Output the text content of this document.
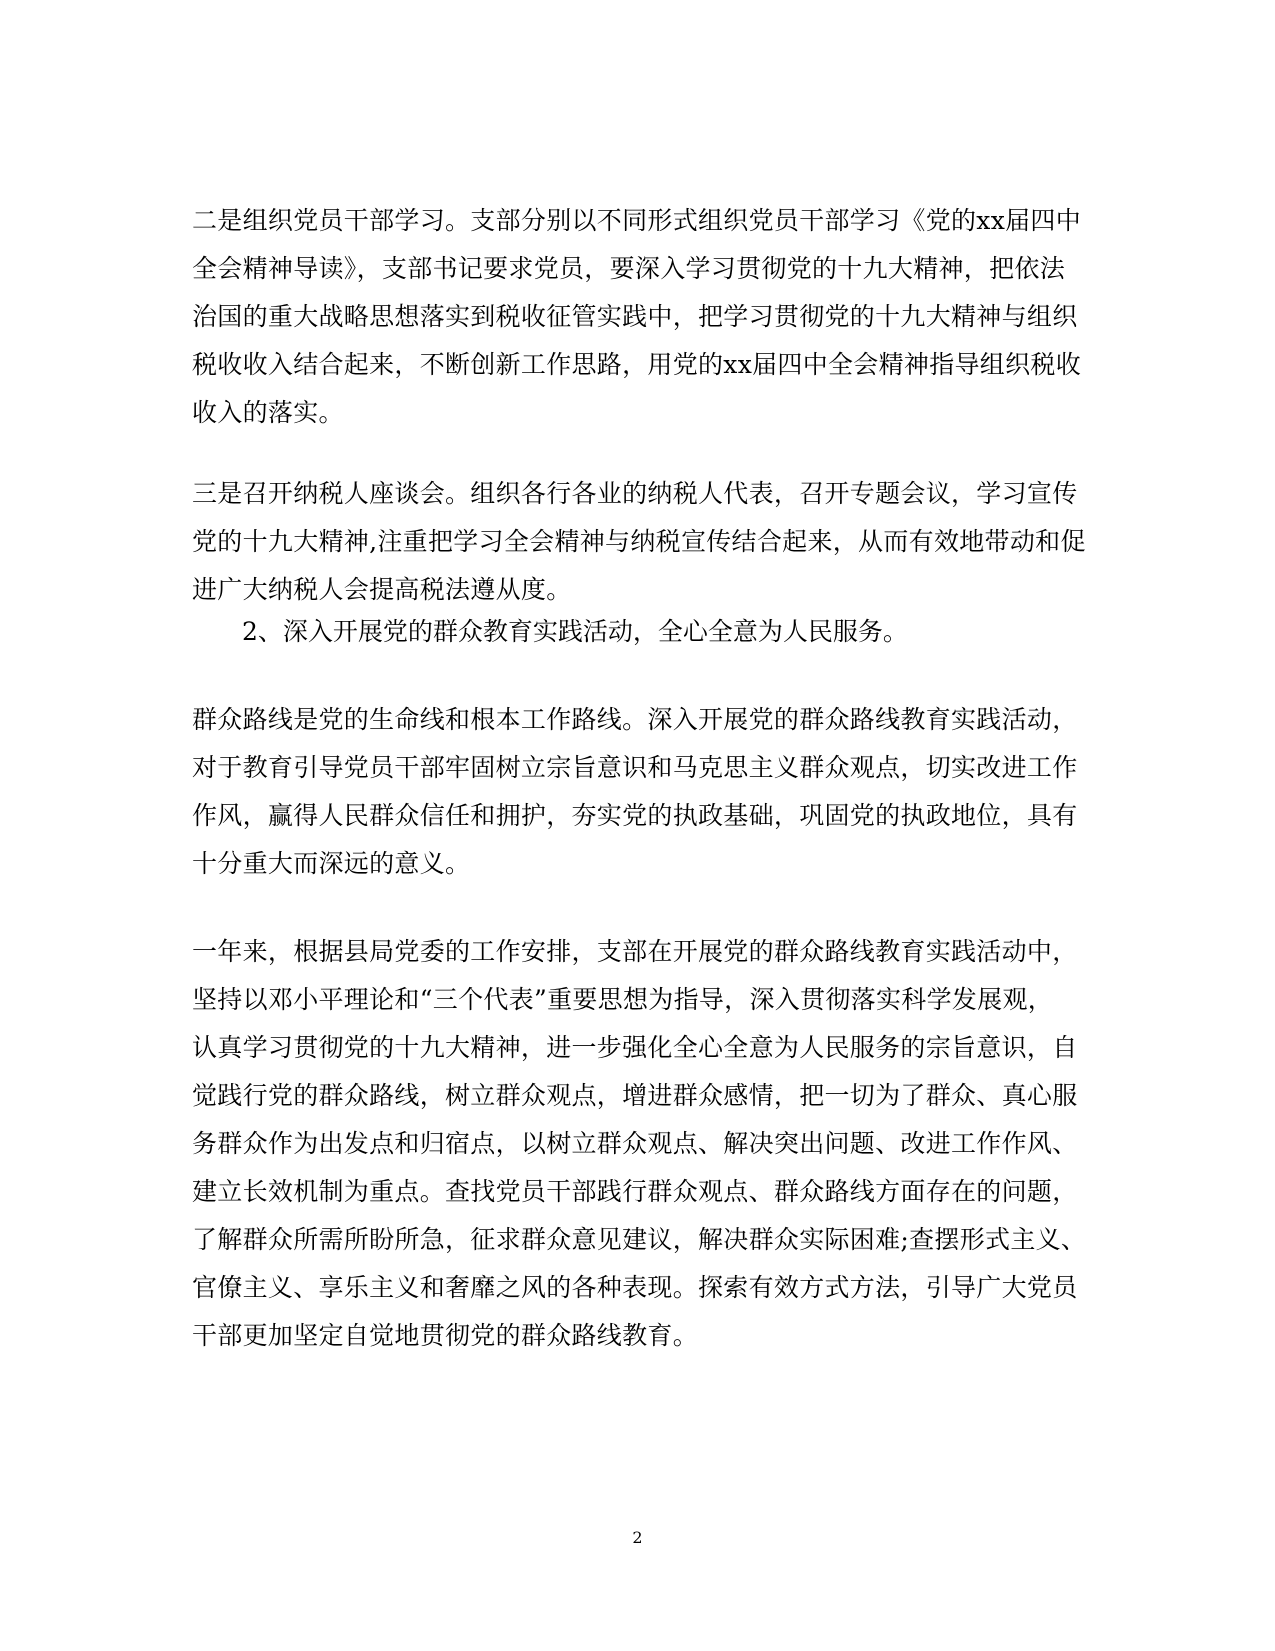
二是组织党员干部学习。支部分别以不同形式组织党员干部学习《党的xx届四中
全会精神导读》，支部书记要求党员，要深入学习贯彻党的十九大精神，把依法
治国的重大战略思想落实到税收征管实践中，把学习贯彻党的十九大精神与组织
税收收入结合起来，不断创新工作思路，用党的xx届四中全会精神指导组织税收
收入的落实。

三是召开纳税人座谈会。组织各行各业的纳税人代表，召开专题会议，学习宣传
党的十九大精神,注重把学习全会精神与纳税宣传结合起来，从而有效地带动和促
进广大纳税人会提高税法遵从度。

2、深入开展党的群众教育实践活动，全心全意为人民服务。

群众路线是党的生命线和根本工作路线。深入开展党的群众路线教育实践活动，
对于教育引导党员干部牢固树立宗旨意识和马克思主义群众观点，切实改进工作
作风，赢得人民群众信任和拥护，夯实党的执政基础，巩固党的执政地位，具有
十分重大而深远的意义。

一年来，根据县局党委的工作安排，支部在开展党的群众路线教育实践活动中，
坚持以邓小平理论和“三个代表”重要思想为指导，深入贯彻落实科学发展观，
认真学习贯彻党的十九大精神，进一步强化全心全意为人民服务的宗旨意识，自
觉践行党的群众路线，树立群众观点，增进群众感情，把一切为了群众、真心服
务群众作为出发点和归宿点，以树立群众观点、解决突出问题、改进工作作风、
建立长效机制为重点。查找党员干部践行群众观点、群众路线方面存在的问题，
了解群众所需所盼所急，征求群众意见建议，解决群众实际困难;查摆形式主义、
官僚主义、享乐主义和奢靡之风的各种表现。探索有效方式方法，引导广大党员
干部更加坚定自觉地贯彻党的群众路线教育。

2
